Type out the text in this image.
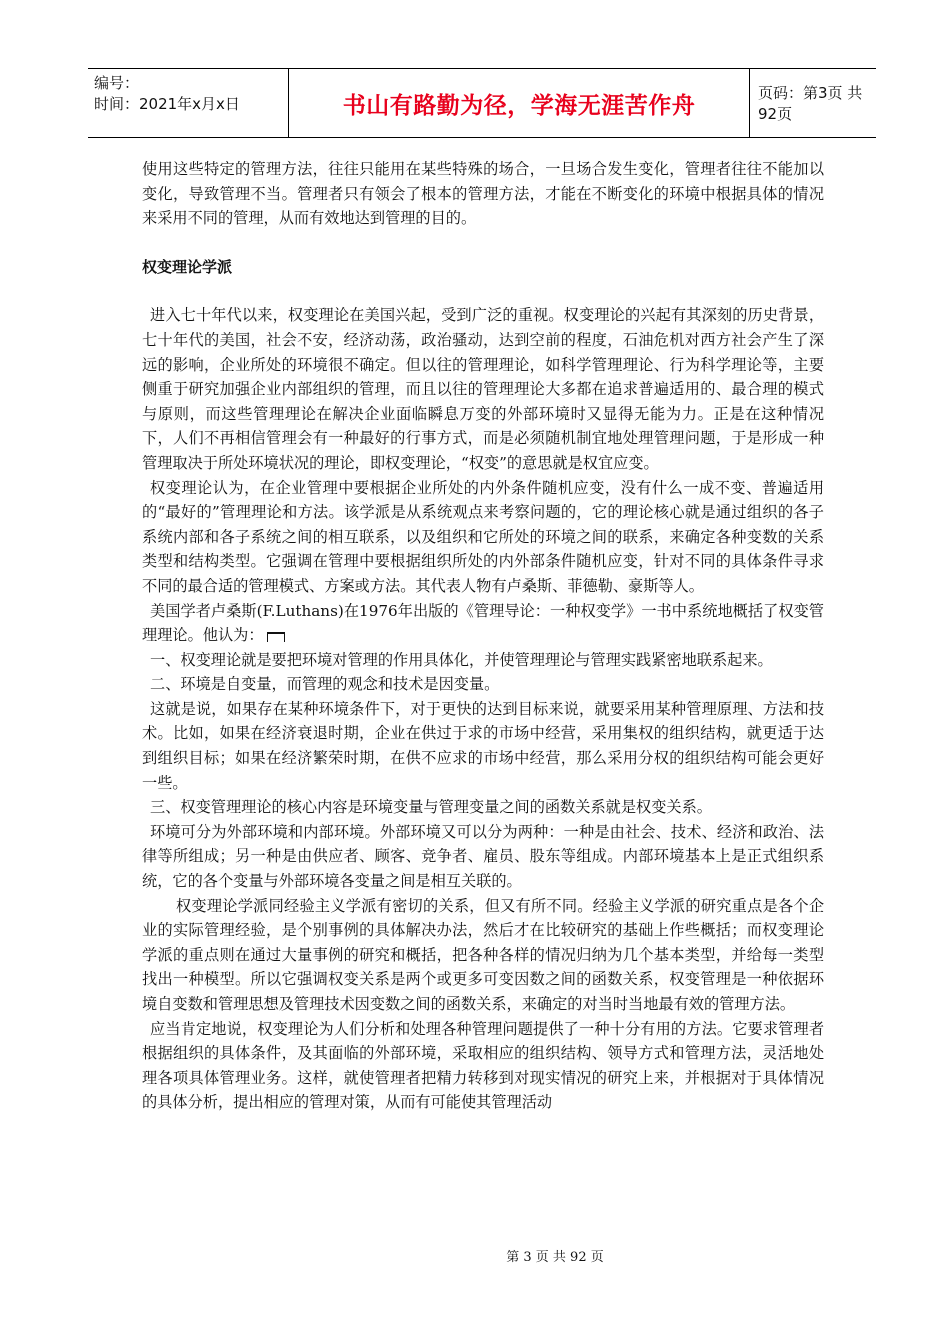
编号：
时间：2021年x月x日	书山有路勤为径，学海无涯苦作舟	页码：第3页 共92页

使用这些特定的管理方法，往往只能用在某些特殊的场合，一旦场合发生变化，管理者往往不能加以变化，导致管理不当。管理者只有领会了根本的管理方法，才能在不断变化的环境中根据具体的情况来采用不同的管理，从而有效地达到管理的目的。

权变理论学派

进入七十年代以来，权变理论在美国兴起，受到广泛的重视。权变理论的兴起有其深刻的历史背景，七十年代的美国，社会不安，经济动荡，政治骚动，达到空前的程度，石油危机对西方社会产生了深远的影响，企业所处的环境很不确定。但以往的管理理论，如科学管理理论、行为科学理论等，主要侧重于研究加强企业内部组织的管理，而且以往的管理理论大多都在追求普遍适用的、最合理的模式与原则，而这些管理理论在解决企业面临瞬息万变的外部环境时又显得无能为力。正是在这种情况下，人们不再相信管理会有一种最好的行事方式，而是必须随机制宜地处理管理问题，于是形成一种管理取决于所处环境状况的理论，即权变理论，“权变”的意思就是权宜应变。

权变理论认为，在企业管理中要根据企业所处的内外条件随机应变，没有什么一成不变、普遍适用的“最好的”管理理论和方法。该学派是从系统观点来考察问题的，它的理论核心就是通过组织的各子系统内部和各子系统之间的相互联系，以及组织和它所处的环境之间的联系，来确定各种变数的关系类型和结构类型。它强调在管理中要根据组织所处的内外部条件随机应变，针对不同的具体条件寻求不同的最合适的管理模式、方案或方法。其代表人物有卢桑斯、菲德勒、豪斯等人。

美国学者卢桑斯(F.Luthans)在1976年出版的《管理导论：一种权变学》一书中系统地概括了权变管理理论。他认为：

一、权变理论就是要把环境对管理的作用具体化，并使管理理论与管理实践紧密地联系起来。

二、环境是自变量，而管理的观念和技术是因变量。

这就是说，如果存在某种环境条件下，对于更快的达到目标来说，就要采用某种管理原理、方法和技术。比如，如果在经济衰退时期，企业在供过于求的市场中经营，采用集权的组织结构，就更适于达到组织目标；如果在经济繁荣时期，在供不应求的市场中经营，那么采用分权的组织结构可能会更好一些。

三、权变管理理论的核心内容是环境变量与管理变量之间的函数关系就是权变关系。

环境可分为外部环境和内部环境。外部环境又可以分为两种：一种是由社会、技术、经济和政治、法律等所组成；另一种是由供应者、顾客、竞争者、雇员、股东等组成。内部环境基本上是正式组织系统，它的各个变量与外部环境各变量之间是相互关联的。

权变理论学派同经验主义学派有密切的关系，但又有所不同。经验主义学派的研究重点是各个企业的实际管理经验，是个别事例的具体解决办法，然后才在比较研究的基础上作些概括；而权变理论学派的重点则在通过大量事例的研究和概括，把各种各样的情况归纳为几个基本类型，并给每一类型找出一种模型。所以它强调权变关系是两个或更多可变因数之间的函数关系，权变管理是一种依据环境自变数和管理思想及管理技术因变数之间的函数关系，来确定的对当时当地最有效的管理方法。

应当肯定地说，权变理论为人们分析和处理各种管理问题提供了一种十分有用的方法。它要求管理者根据组织的具体条件，及其面临的外部环境，采取相应的组织结构、领导方式和管理方法，灵活地处理各项具体管理业务。这样，就使管理者把精力转移到对现实情况的研究上来，并根据对于具体情况的具体分析，提出相应的管理对策，从而有可能使其管理活动

第 3 页 共 92 页
